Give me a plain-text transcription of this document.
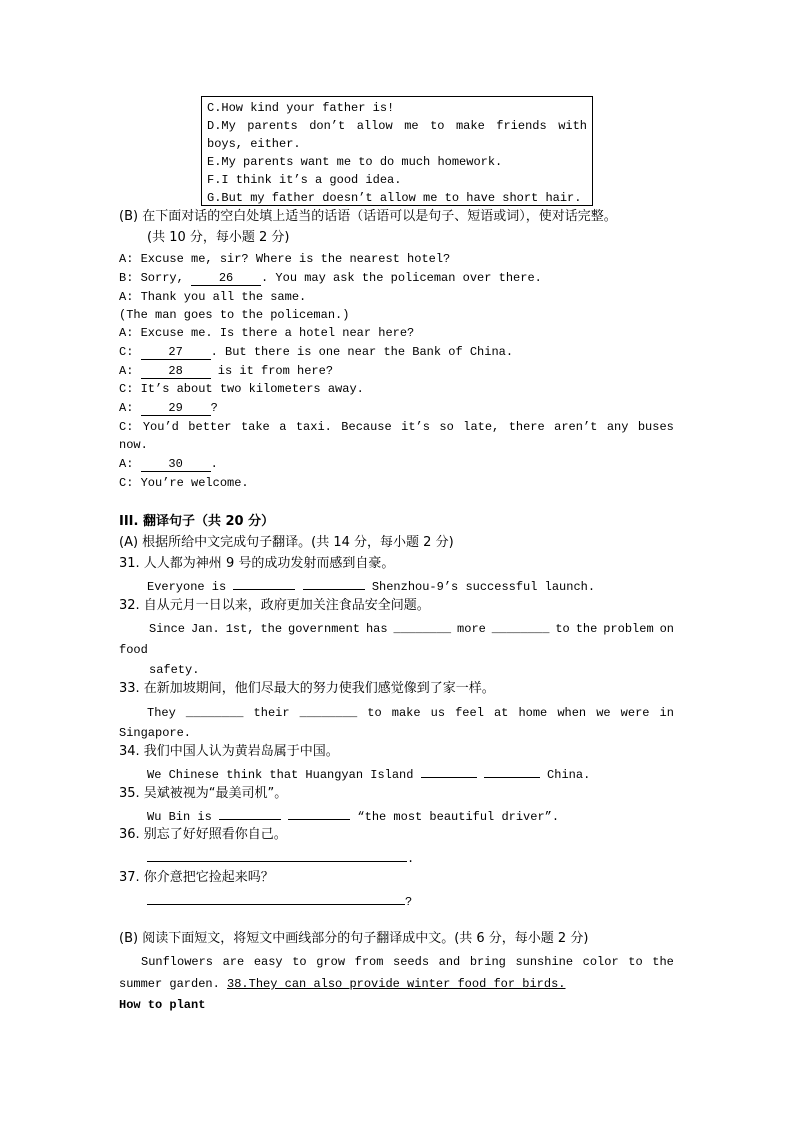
C.How kind your father is!
D.My parents don’t allow me to make friends with
boys, either.
E.My parents want me to do much homework.
F.I think it’s a good idea.
G.But my father doesn’t allow me to have short hair.
(B) 在下面对话的空白处填上适当的话语（话语可以是句子、短语或词），使对话完整。
(共 10 分，每小题 2 分)
A: Excuse me, sir? Where is the nearest hotel?
B: Sorry, 26 . You may ask the policeman over there.
A: Thank you all the same.
(The man goes to the policeman.)
A: Excuse me. Is there a hotel near here?
C: 27 . But there is one near the Bank of China.
A: 28 is it from here?
C: It’s about two kilometers away.
A: 29 ?
C: You’d better take a taxi. Because it’s so late, there aren’t any buses
now.
A: 30 .
C: You’re welcome.
III. 翻译句子（共 20 分）
(A) 根据所给中文完成句子翻译。(共 14 分，每小题 2 分)
31. 人人都为神州 9 号的成功发射而感到自豪。
Everyone is	Shenzhou-9’s successful launch.
32. 自从元月一日以来，政府更加关注食品安全问题。
Since Jan. 1st, the government has ________ more ________ to the problem on
food
safety.
33. 在新加坡期间，他们尽最大的努力使我们感觉像到了家一样。
They ________ their ________ to make us feel at home when we were in
Singapore.
34. 我们中国人认为黄岩岛属于中国。
We Chinese think that Huangyan Island	China.
35. 吴斌被视为“最美司机”。
Wu Bin is	“the most beautiful driver”.
36. 别忘了好好照看你自己。
.
37. 你介意把它捡起来吗？
?
(B) 阅读下面短文，将短文中画线部分的句子翻译成中文。(共 6 分，每小题 2 分)
Sunflowers are easy to grow from seeds and bring sunshine color to the
summer garden. 38.They can also provide winter food for birds.
How to plant
